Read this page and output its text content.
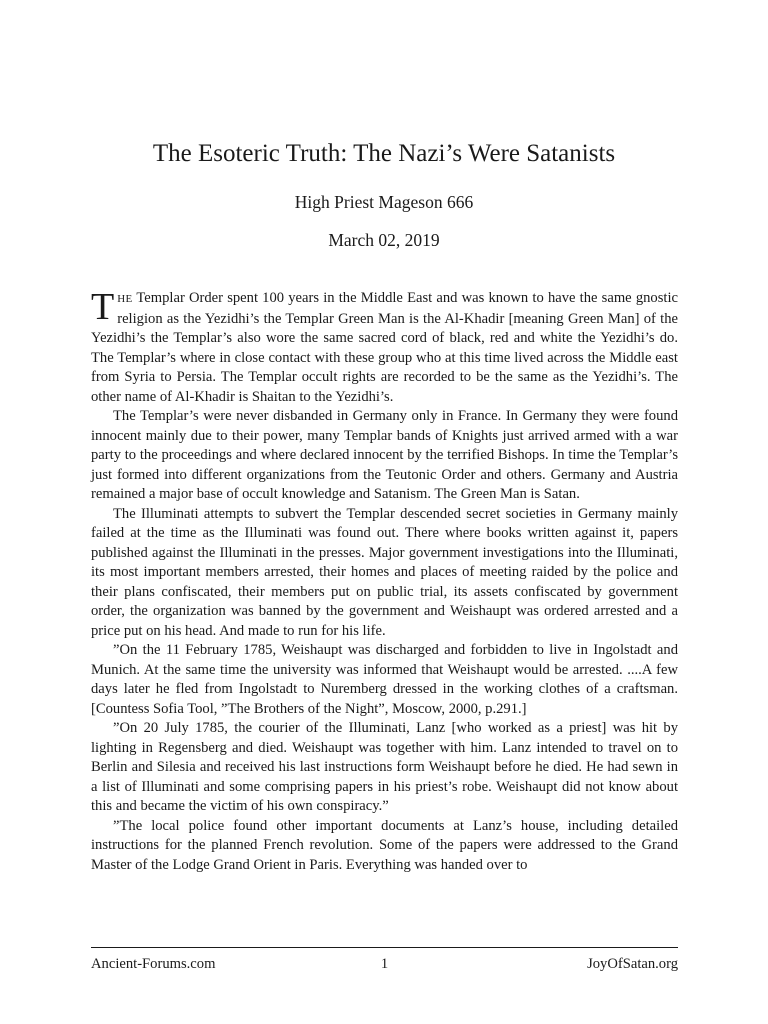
The Esoteric Truth: The Nazi’s Were Satanists
High Priest Mageson 666
March 02, 2019

THE Templar Order spent 100 years in the Middle East and was known to have the same gnostic religion as the Yezidhi’s the Templar Green Man is the Al-Khadir [meaning Green Man] of the Yezidhi’s the Templar’s also wore the same sacred cord of black, red and white the Yezidhi’s do. The Templar’s where in close contact with these group who at this time lived across the Middle east from Syria to Persia. The Templar occult rights are recorded to be the same as the Yezidhi’s. The other name of Al-Khadir is Shaitan to the Yezidhi’s.

The Templar’s were never disbanded in Germany only in France. In Germany they were found innocent mainly due to their power, many Templar bands of Knights just arrived armed with a war party to the proceedings and where declared innocent by the terrified Bishops. In time the Templar’s just formed into different organizations from the Teutonic Order and others. Germany and Austria remained a major base of occult knowledge and Satanism. The Green Man is Satan.

The Illuminati attempts to subvert the Templar descended secret societies in Germany mainly failed at the time as the Illuminati was found out. There where books written against it, papers published against the Illuminati in the presses. Major government investigations into the Illuminati, its most important members arrested, their homes and places of meeting raided by the police and their plans confiscated, their members put on public trial, its assets confiscated by government order, the organization was banned by the government and Weishaupt was ordered arrested and a price put on his head. And made to run for his life.

”On the 11 February 1785, Weishaupt was discharged and forbidden to live in Ingolstadt and Munich. At the same time the university was informed that Weishaupt would be arrested. ....A few days later he fled from Ingolstadt to Nuremberg dressed in the working clothes of a craftsman. [Countess Sofia Tool, ”The Brothers of the Night”, Moscow, 2000, p.291.]

”On 20 July 1785, the courier of the Illuminati, Lanz [who worked as a priest] was hit by lighting in Regensberg and died. Weishaupt was together with him. Lanz intended to travel on to Berlin and Silesia and received his last instructions form Weishaupt before he died. He had sewn in a list of Illuminati and some comprising papers in his priest’s robe. Weishaupt did not know about this and became the victim of his own conspiracy.”

”The local police found other important documents at Lanz’s house, including detailed instructions for the planned French revolution. Some of the papers were addressed to the Grand Master of the Lodge Grand Orient in Paris. Everything was handed over to

Ancient-Forums.com	1	JoyOfSatan.org
